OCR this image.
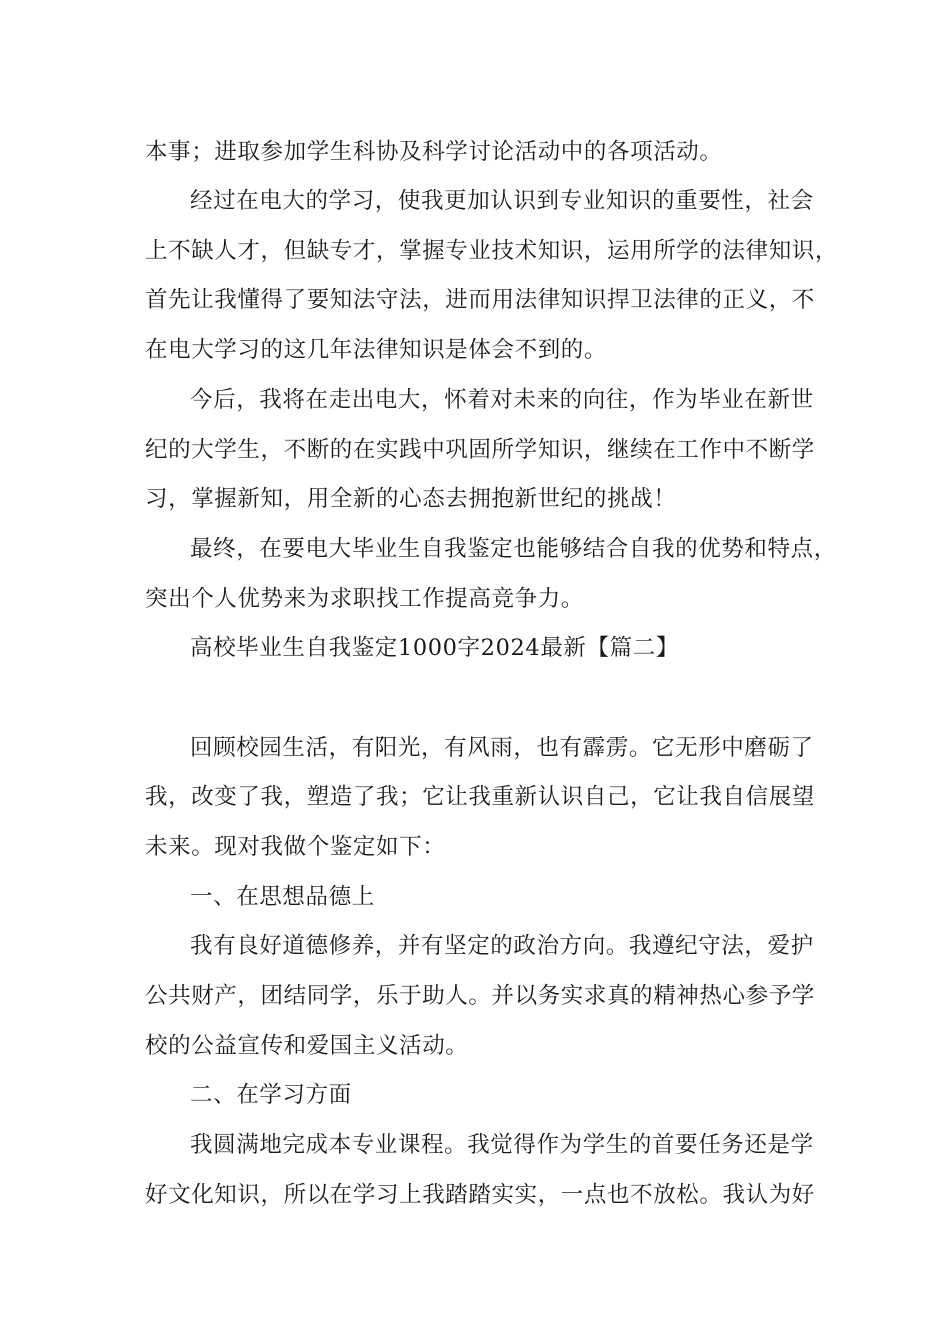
本事；进取参加学生科协及科学讨论活动中的各项活动。
经过在电大的学习，使我更加认识到专业知识的重要性，社会
上不缺人才，但缺专才，掌握专业技术知识，运用所学的法律知识，
首先让我懂得了要知法守法，进而用法律知识捍卫法律的正义，不
在电大学习的这几年法律知识是体会不到的。
今后，我将在走出电大，怀着对未来的向往，作为毕业在新世
纪的大学生，不断的在实践中巩固所学知识，继续在工作中不断学
习，掌握新知，用全新的心态去拥抱新世纪的挑战！
最终，在要电大毕业生自我鉴定也能够结合自我的优势和特点，
突出个人优势来为求职找工作提高竞争力。
高校毕业生自我鉴定1000字2024最新【篇二】
回顾校园生活，有阳光，有风雨，也有霹雳。它无形中磨砺了
我，改变了我，塑造了我；它让我重新认识自己，它让我自信展望
未来。现对我做个鉴定如下：
一、在思想品德上
我有良好道德修养，并有坚定的政治方向。我遵纪守法，爱护
公共财产，团结同学，乐于助人。并以务实求真的精神热心参予学
校的公益宣传和爱国主义活动。
二、在学习方面
我圆满地完成本专业课程。我觉得作为学生的首要任务还是学
好文化知识，所以在学习上我踏踏实实，一点也不放松。我认为好
